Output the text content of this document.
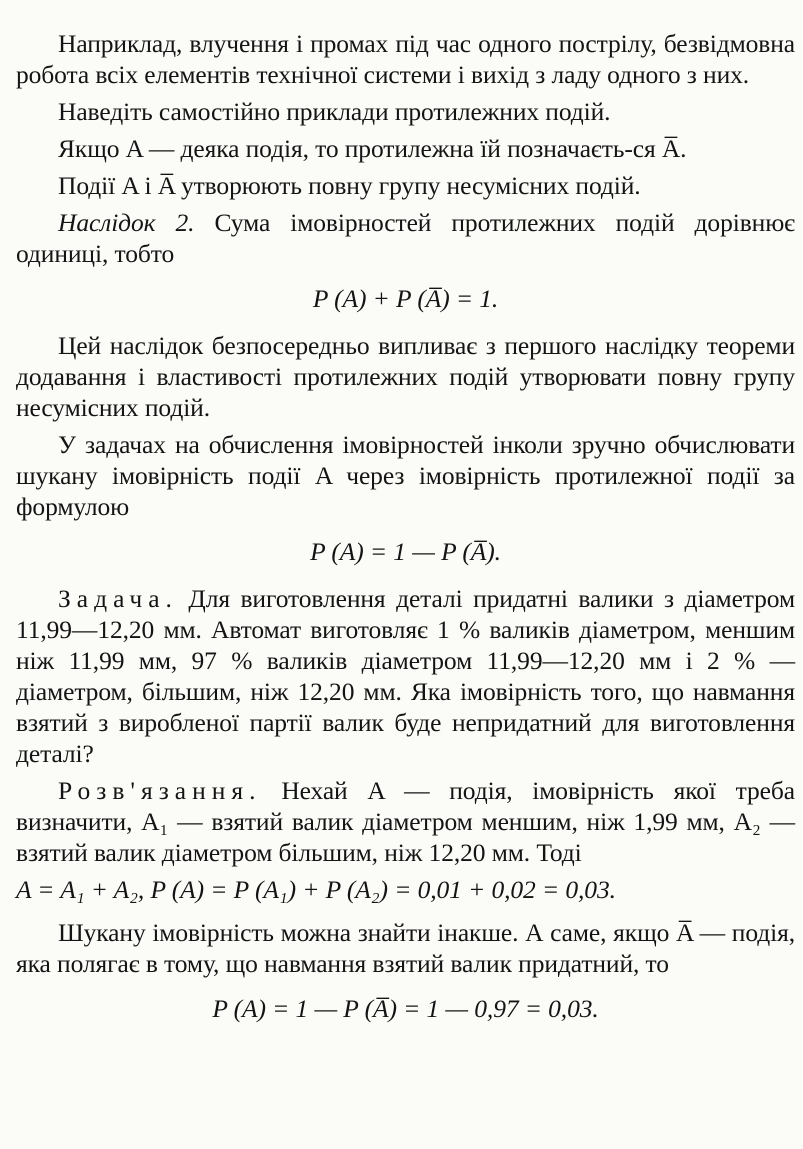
Наприклад, влучення і промах під час одного пострілу, безвідмовна робота всіх елементів технічної системи і вихід з ладу одного з них.

Наведіть самостійно приклади протилежних подій.

Якщо A — деяка подія, то протилежна їй позначаєть-ся A̅.

Події A і A̅ утворюють повну групу несумісних подій.

Наслідок 2. Сума імовірностей протилежних подій дорівнює одиниці, тобто

P (A) + P (A̅) = 1.

Цей наслідок безпосередньо випливає з першого наслідку теореми додавання і властивості протилежних подій утворювати повну групу несумісних подій.

У задачах на обчислення імовірностей інколи зручно обчислювати шукану імовірність події A через імовірність протилежної події за формулою

P (A) = 1 — P (A̅).

Задача. Для виготовлення деталі придатні валики з діаметром 11,99—12,20 мм. Автомат виготовляє 1 % валиків діаметром, меншим ніж 11,99 мм, 97 % валиків діаметром 11,99—12,20 мм і 2 % — діаметром, більшим, ніж 12,20 мм. Яка імовірність того, що навмання взятий з виробленої партії валик буде непридатний для виготовлення деталі?

Розв'язання. Нехай A — подія, імовірність якої треба визначити, A₁ — взятий валик діаметром меншим, ніж 1,99 мм, A₂ — взятий валик діаметром більшим, ніж 12,20 мм. Тоді

A = A₁ + A₂, P (A) = P (A₁) + P (A₂) = 0,01 + 0,02 = 0,03.

Шукану імовірність можна знайти інакше. А саме, якщо A̅ — подія, яка полягає в тому, що навмання взятий валик придатний, то

P (A) = 1 — P (A̅) = 1 — 0,97 = 0,03.
